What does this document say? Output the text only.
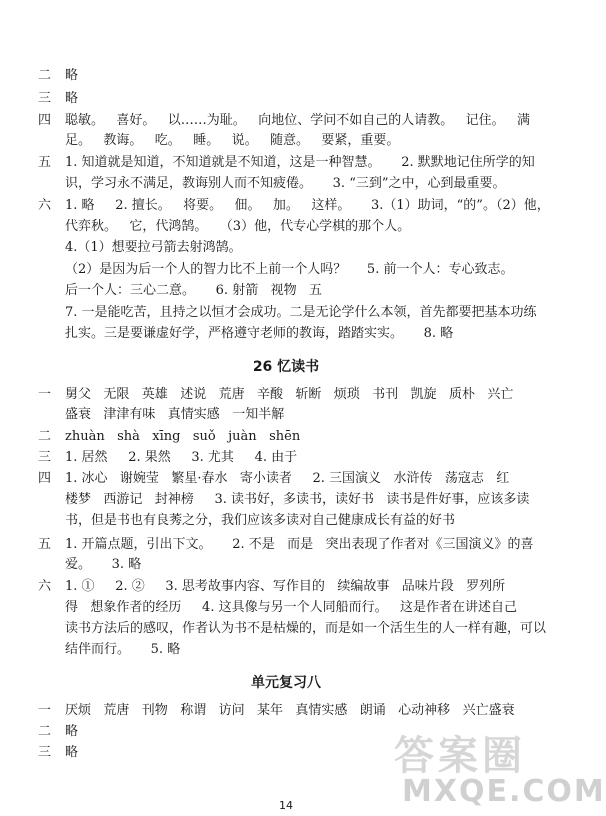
二 略
三 略
四 聪敏。   喜好。   以……为耻。   向地位、学问不如自己的人请教。   记住。   满
足。   教诲。   吃。   睡。   说。   随意。   要紧，重要。
五 1. 知道就是知道，不知道就是不知道，这是一种智慧。     2. 默默地记住所学的知
识，学习永不满足，教诲别人而不知疲倦。     3. “三到”之中，心到最重要。
六 1. 略     2. 擅长。   将要。   佃。   加。   这样。     3.（1）助词，“的”。（2）他，
代弈秋。   它，代鸿鹄。   （3）他，代专心学棋的那个人。
4.（1）想要拉弓箭去射鸿鹄。
（2）是因为后一个人的智力比不上前一个人吗？     5. 前一个人：专心致志。
后一个人：三心二意。     6. 射箭   视物   五
7. 一是能吃苦，且持之以恒才会成功。二是无论学什么本领，首先都要把基本功练
扎实。三是要谦虚好学，严格遵守老师的教诲，踏踏实实。     8. 略
26 忆读书
一 舅父   无限   英雄   述说   荒唐   辛酸   斩断   烦琐   书刊   凯旋   质朴   兴亡
盛衰   津津有味   真情实感   一知半解
二 zhuàn   shà   xīng   suǒ   juàn   shēn
三 1. 居然     2. 果然     3. 尤其     4. 由于
四 1. 冰心   谢婉莹   繁星·春水   寄小读者     2. 三国演义   水浒传   荡寇志   红
楼梦   西游记   封神榜     3. 读书好，多读书，读好书   读书是件好事，应该多读
书，但是书也有良莠之分，我们应该多读对自己健康成长有益的好书
五 1. 开篇点题，引出下文。     2. 不是   而是   突出表现了作者对《三国演义》的喜
爱。     3. 略
六 1. ①     2. ②     3. 思考故事内容、写作目的   续编故事   品味片段   罗列所
得   想象作者的经历     4. 这具像与另一个人同船而行。   这是作者在讲述自己
读书方法后的感叹，作者认为书不是枯燥的，而是如一个活生生的人一样有趣，可以
结伴而行。     5. 略
单元复习八
一 厌烦   荒唐   刊物   称谓   访问   某年   真情实感   朗诵   心动神移   兴亡盛衰
二 略
三 略
14
答案圈
MXQE.COM
